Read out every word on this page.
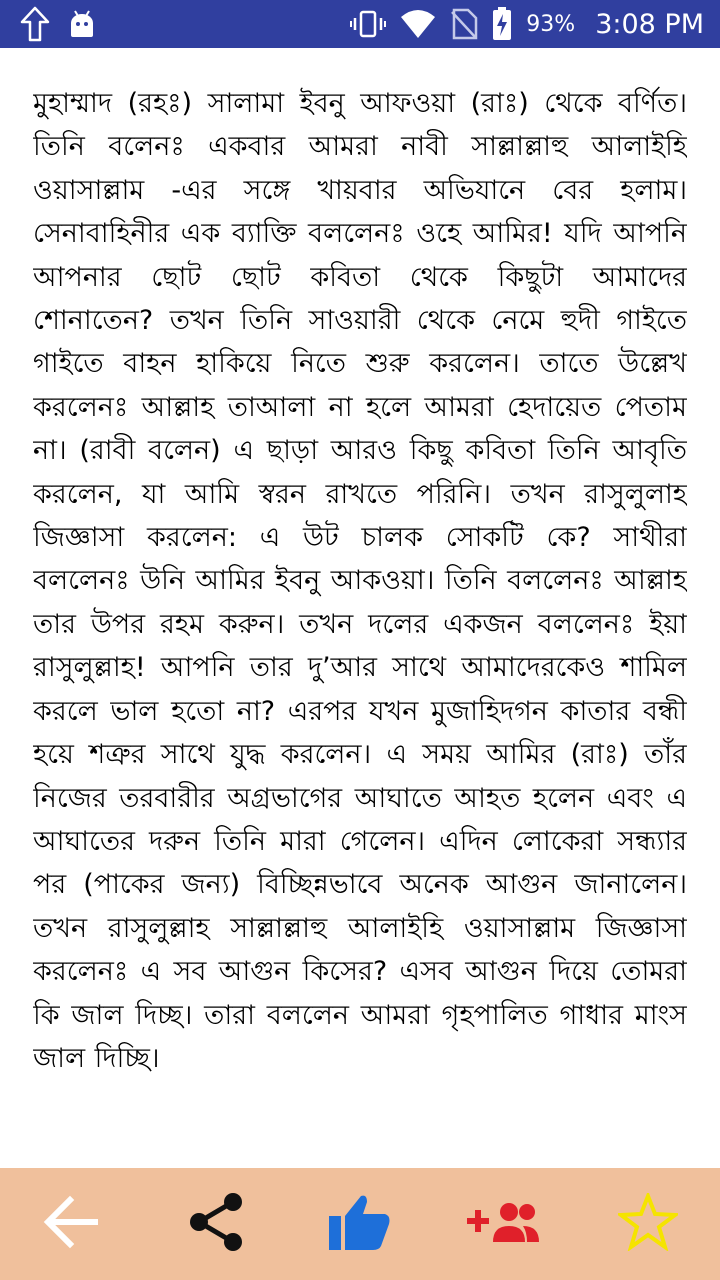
93% 3:08 PM

মুহাম্মাদ (রহঃ) সালামা ইবনু আফওয়া (রাঃ) থেকে বর্ণিত। তিনি বলেনঃ একবার আমরা নাবী সাল্লাল্লাহু আলাইহি ওয়াসাল্লাম -এর সঙ্গে খায়বার অভিযানে বের হলাম। সেনাবাহিনীর এক ব্যাক্তি বললেনঃ ওহে আমির! যদি আপনি আপনার ছোট ছোট কবিতা থেকে কিছুটা আমাদের শোনাতেন? তখন তিনি সাওয়ারী থেকে নেমে হুদী গাইতে গাইতে বাহন হাকিয়ে নিতে শুরু করলেন। তাতে উল্লেখ করলেনঃ আল্লাহ তাআলা না হলে আমরা হেদায়েত পেতাম না। (রাবী বলেন) এ ছাড়া আরও কিছু কবিতা তিনি আবৃতি করলেন, যা আমি স্বরন রাখতে পরিনি। তখন রাসুলুলাহ জিজ্ঞাসা করলেন: এ উট চালক সোকটি কে? সাথীরা বললেনঃ উনি আমির ইবনু আকওয়া। তিনি বললেনঃ আল্লাহ তার উপর রহম করুন। তখন দলের একজন বললেনঃ ইয়া রাসুলুল্লাহ! আপনি তার দু’আর সাথে আমাদেরকেও শামিল করলে ভাল হতো না? এরপর যখন মুজাহিদগন কাতার বন্ধী হয়ে শত্রুর সাথে যুদ্ধ করলেন। এ সময় আমির (রাঃ) তাঁর নিজের তরবারীর অগ্রভাগের আঘাতে আহত হলেন এবং এ আঘাতের দরুন তিনি মারা গেলেন। এদিন লোকেরা সন্ধ্যার পর (পাকের জন্য) বিচ্ছিন্নভাবে অনেক আগুন জানালেন। তখন রাসুলুল্লাহ সাল্লাল্লাহু আলাইহি ওয়াসাল্লাম জিজ্ঞাসা করলেনঃ এ সব আগুন কিসের? এসব আগুন দিয়ে তোমরা কি জাল দিচ্ছ। তারা বললেন আমরা গৃহপালিত গাধার মাংস জাল দিচ্ছি।
